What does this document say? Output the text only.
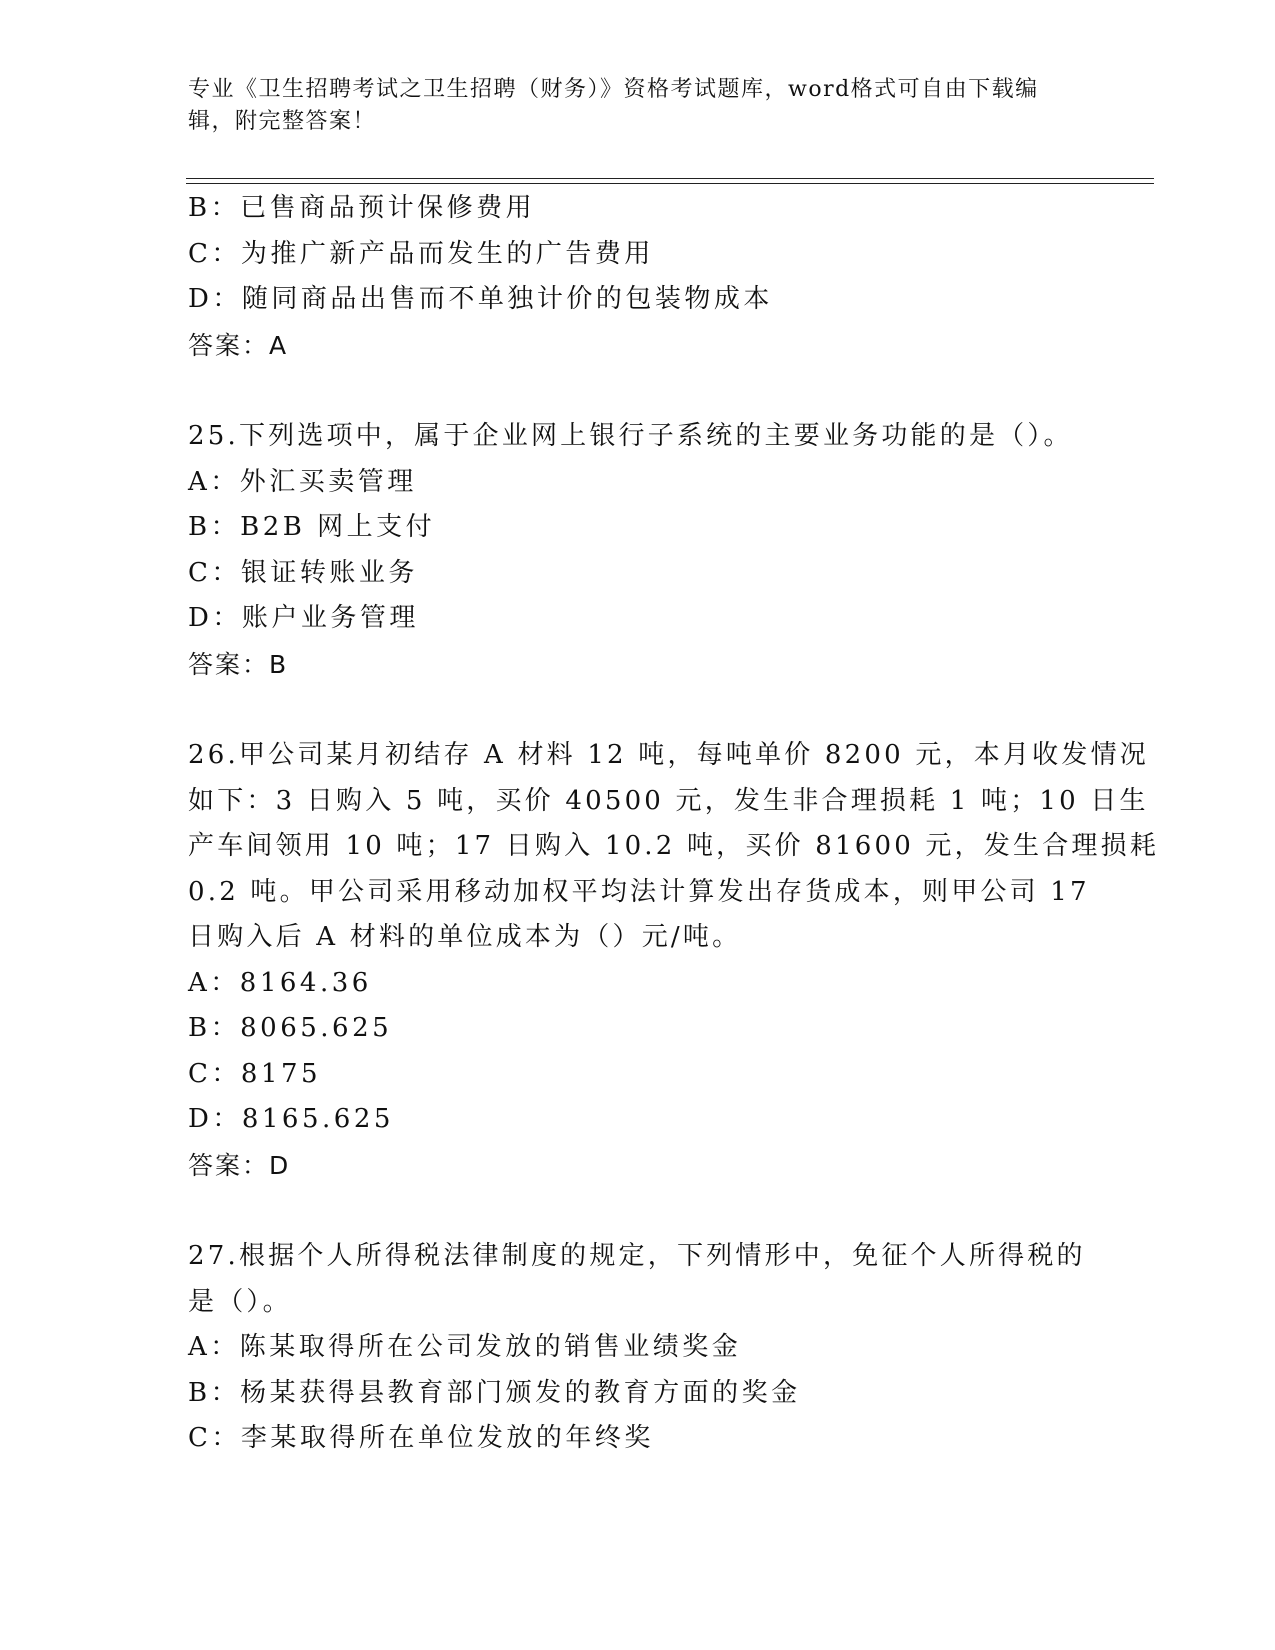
专业《卫生招聘考试之卫生招聘（财务）》资格考试题库，word格式可自由下载编辑，附完整答案！
B：已售商品预计保修费用
C：为推广新产品而发生的广告费用
D：随同商品出售而不单独计价的包装物成本
答案：A
25.下列选项中，属于企业网上银行子系统的主要业务功能的是（）。
A：外汇买卖管理
B：B2B 网上支付
C：银证转账业务
D：账户业务管理
答案：B
26.甲公司某月初结存 A 材料 12 吨，每吨单价 8200 元，本月收发情况
如下：3 日购入 5 吨，买价 40500 元，发生非合理损耗 1 吨；10 日生
产车间领用 10 吨；17 日购入 10.2 吨，买价 81600 元，发生合理损耗
0.2 吨。甲公司采用移动加权平均法计算发出存货成本，则甲公司 17
日购入后 A 材料的单位成本为（）元/吨。
A：8164.36
B：8065.625
C：8175
D：8165.625
答案：D
27.根据个人所得税法律制度的规定，下列情形中，免征个人所得税的
是（）。
A：陈某取得所在公司发放的销售业绩奖金
B：杨某获得县教育部门颁发的教育方面的奖金
C：李某取得所在单位发放的年终奖
